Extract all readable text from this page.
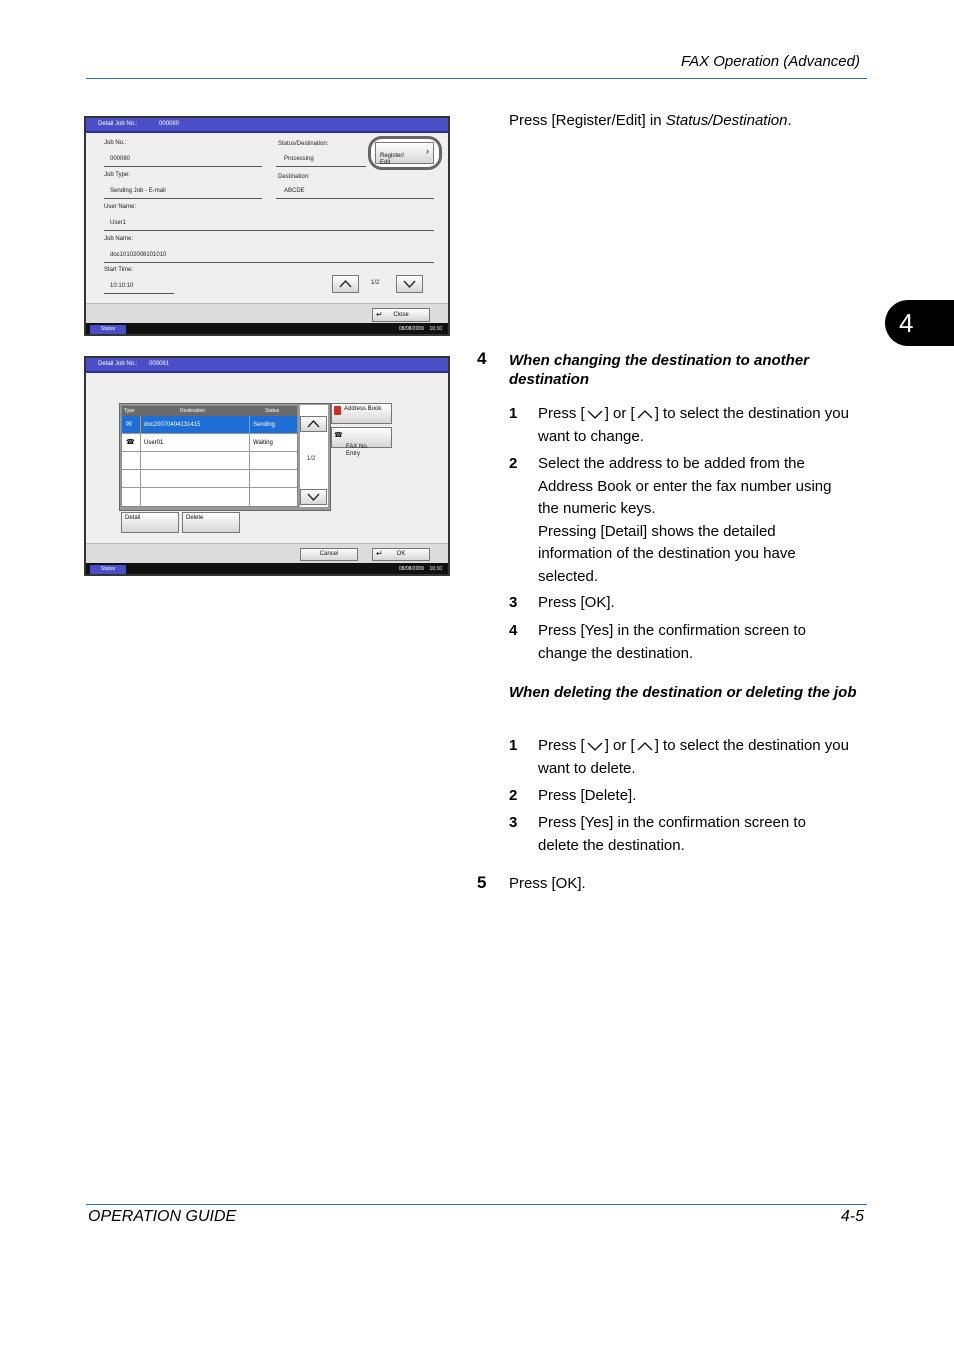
FAX Operation (Advanced)
4
Detail Job No.:	000080
Job No.:
000080
Status/Destination:
Processing	Register/
Edit

›

Job Type:
Sending Job - E-mail
Destination:
ABCDE
User Name:
User1
Job Name:
doc10102008101010
Start Time:
10:10:10	1/2
↵ Close
Status	08/08/2009    10:10
Detail Job No.: 000081
Type	Destination	Status
✉ doc20070404131415	Sending
☎ User01	Waiting
1/2
Address Book

☎

FAX No.
Entry

Detail	Delete
Cancel	↵ OK
Status	08/08/2009    10:10
Press [Register/Edit] in Status/Destination.
4 When changing the destination to another destination
1 Press [ ] or [ ] to select the destination you
want to change.
2 Select the address to be added from the
Address Book or enter the fax number using
the numeric keys.
Pressing [Detail] shows the detailed
information of the destination you have
selected.
3 Press [OK].
4 Press [Yes] in the confirmation screen to
change the destination.
When deleting the destination or deleting the job
1 Press [ ] or [ ] to select the destination you
want to delete.
2 Press [Delete].
3 Press [Yes] in the confirmation screen to
delete the destination.
5 Press [OK].
OPERATION GUIDE	4-5
